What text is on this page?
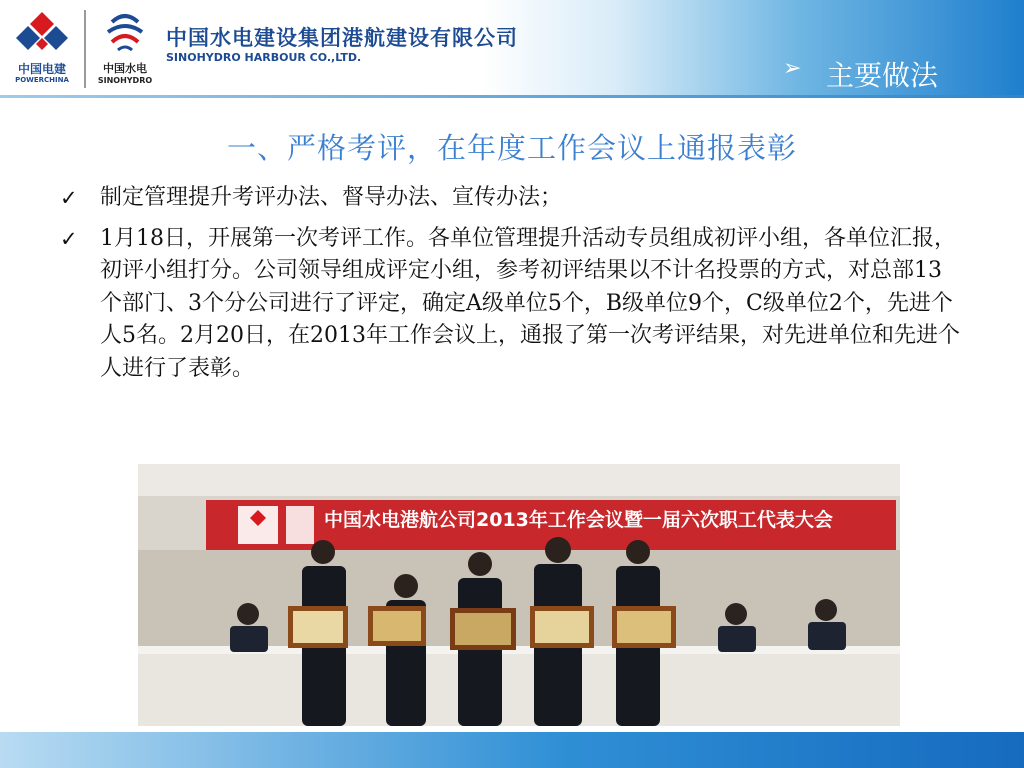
中国电建
POWERCHINA
中国水电
SINOHYDRO
中国水电建设集团港航建设有限公司
SINOHYDRO HARBOUR CO.,LTD.	➢ 主要做法
一、严格考评，在年度工作会议上通报表彰
✓ 制定管理提升考评办法、督导办法、宣传办法；
✓ 1月18日，开展第一次考评工作。各单位管理提升活动专员组成初评小组，各单位汇报，初评小组打分。公司领导组成评定小组，参考初评结果以不计名投票的方式，对总部13个部门、3个分公司进行了评定，确定A级单位5个，B级单位9个，C级单位2个，先进个人5名。2月20日，在2013年工作会议上，通报了第一次考评结果，对先进单位和先进个人进行了表彰。
中国水电港航公司2013年工作会议暨一届六次职工代表大会
